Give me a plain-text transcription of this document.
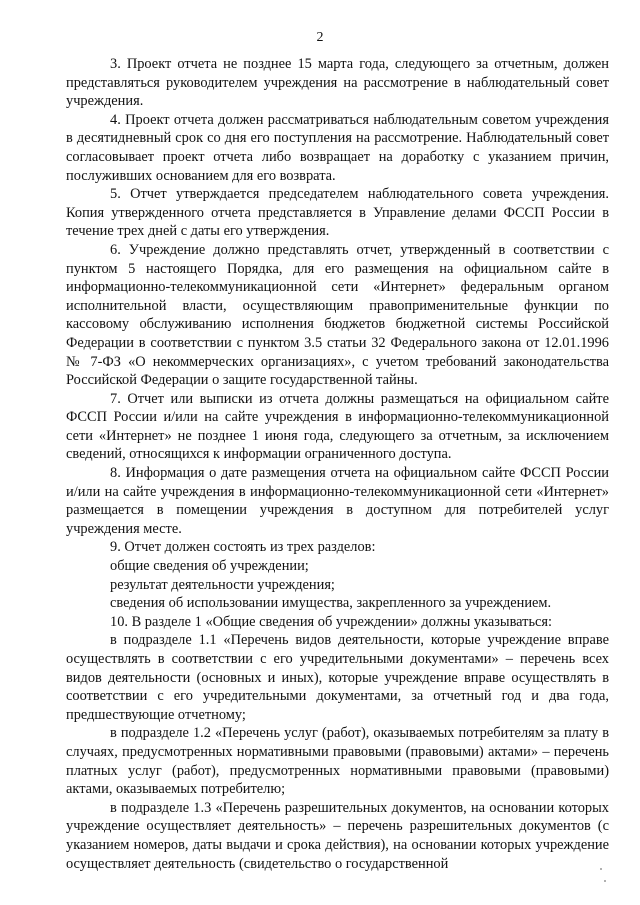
2

3. Проект отчета не позднее 15 марта года, следующего за отчетным, должен представляться руководителем учреждения на рассмотрение в наблюдательный совет учреждения.

4. Проект отчета должен рассматриваться наблюдательным советом учреждения в десятидневный срок со дня его поступления на рассмотрение. Наблюдательный совет согласовывает проект отчета либо возвращает на доработку с указанием причин, послуживших основанием для его возврата.

5. Отчет утверждается председателем наблюдательного совета учреждения. Копия утвержденного отчета представляется в Управление делами ФССП России в течение трех дней с даты его утверждения.

6. Учреждение должно представлять отчет, утвержденный в соответствии с пунктом 5 настоящего Порядка, для его размещения на официальном сайте в информационно-телекоммуникационной сети «Интернет» федеральным органом исполнительной власти, осуществляющим правоприменительные функции по кассовому обслуживанию исполнения бюджетов бюджетной системы Российской Федерации в соответствии с пунктом 3.5 статьи 32 Федерального закона от 12.01.1996 № 7-ФЗ «О некоммерческих организациях», с учетом требований законодательства Российской Федерации о защите государственной тайны.

7. Отчет или выписки из отчета должны размещаться на официальном сайте ФССП России и/или на сайте учреждения в информационно-телекоммуникационной сети «Интернет» не позднее 1 июня года, следующего за отчетным, за исключением сведений, относящихся к информации ограниченного доступа.

8. Информация о дате размещения отчета на официальном сайте ФССП России и/или на сайте учреждения в информационно-телекоммуникационной сети «Интернет» размещается в помещении учреждения в доступном для потребителей услуг учреждения месте.

9. Отчет должен состоять из трех разделов:

общие сведения об учреждении;

результат деятельности учреждения;

сведения об использовании имущества, закрепленного за учреждением.

10. В разделе 1 «Общие сведения об учреждении» должны указываться:

в подразделе 1.1 «Перечень видов деятельности, которые учреждение вправе осуществлять в соответствии с его учредительными документами» – перечень всех видов деятельности (основных и иных), которые учреждение вправе осуществлять в соответствии с его учредительными документами, за отчетный год и два года, предшествующие отчетному;

в подразделе 1.2 «Перечень услуг (работ), оказываемых потребителям за плату в случаях, предусмотренных нормативными правовыми (правовыми) актами» – перечень платных услуг (работ), предусмотренных нормативными правовыми (правовыми) актами, оказываемых потребителю;

в подразделе 1.3 «Перечень разрешительных документов, на основании которых учреждение осуществляет деятельность» – перечень разрешительных документов (с указанием номеров, даты выдачи и срока действия), на основании которых учреждение осуществляет деятельность (свидетельство о государственной
